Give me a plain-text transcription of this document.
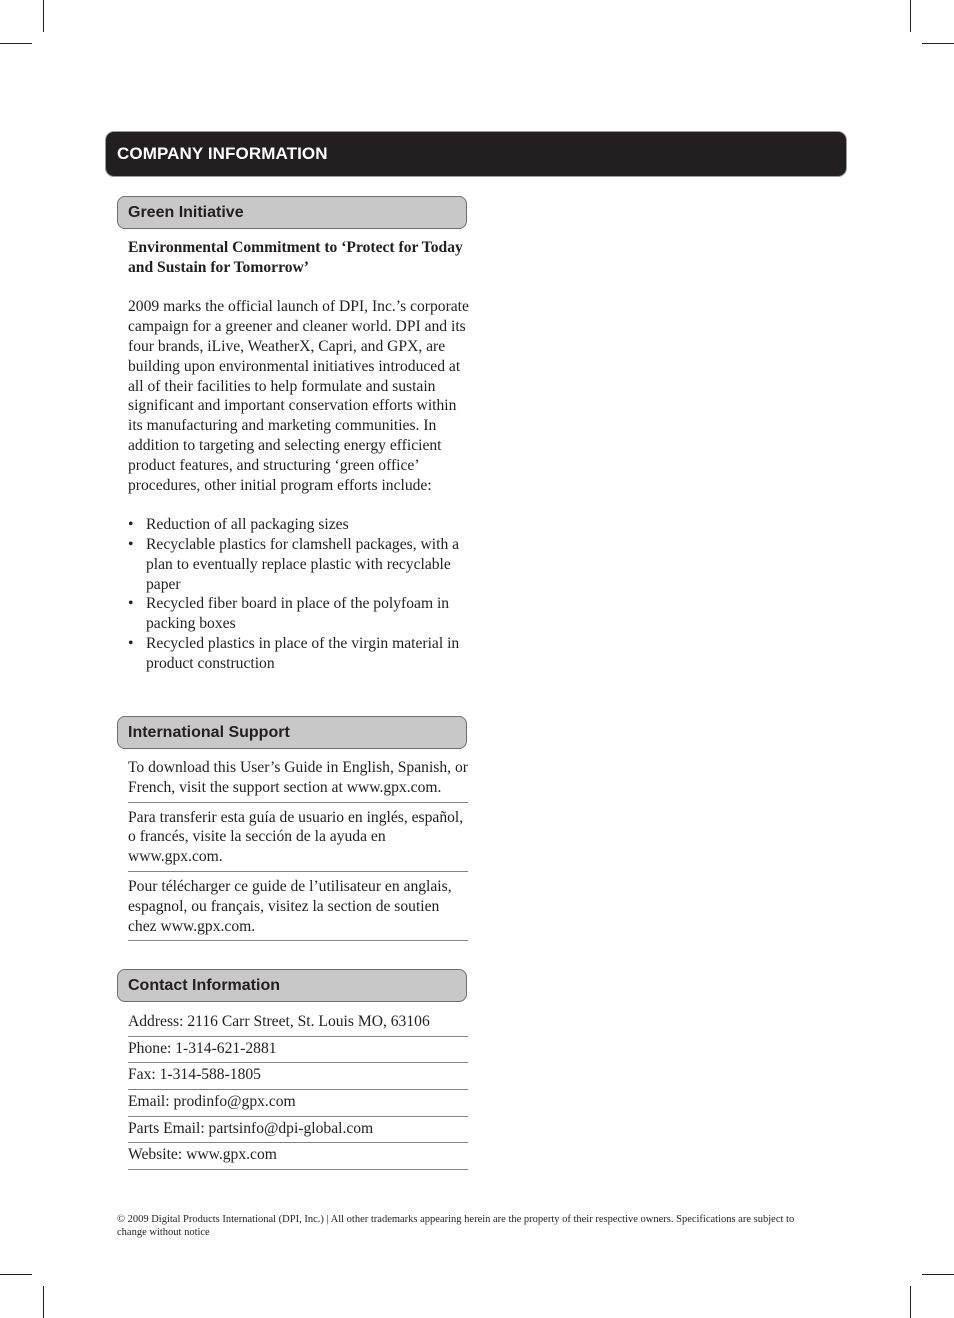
COMPANY INFORMATION
Green Initiative

Environmental Commitment to ‘Protect for Today and Sustain for Tomorrow’

2009 marks the official launch of DPI, Inc.’s corporate campaign for a greener and cleaner world. DPI and its four brands, iLive, WeatherX, Capri, and GPX, are building upon environmental initiatives introduced at all of their facilities to help formulate and sustain significant and important conservation efforts within its manufacturing and marketing communities. In addition to targeting and selecting energy efficient product features, and structuring ‘green office’ procedures, other initial program efforts include:

• Reduction of all packaging sizes
• Recyclable plastics for clamshell packages, with a plan to eventually replace plastic with recyclable paper
• Recycled fiber board in place of the polyfoam in packing boxes
• Recycled plastics in place of the virgin material in product construction
International Support
To download this User’s Guide in English, Spanish, or French, visit the support section at www.gpx.com.
Para transferir esta guía de usuario en inglés, español, o francés, visite la sección de la ayuda en www.gpx.com.
Pour télécharger ce guide de l’utilisateur en anglais, espagnol, ou français, visitez la section de soutien chez www.gpx.com.
Contact Information
Address: 2116 Carr Street, St. Louis MO, 63106
Phone: 1-314-621-2881
Fax: 1-314-588-1805
Email: prodinfo@gpx.com
Parts Email: partsinfo@dpi-global.com
Website: www.gpx.com
© 2009 Digital Products International (DPI, Inc.) | All other trademarks appearing herein are the property of their respective owners. Specifications are subject to change without notice
